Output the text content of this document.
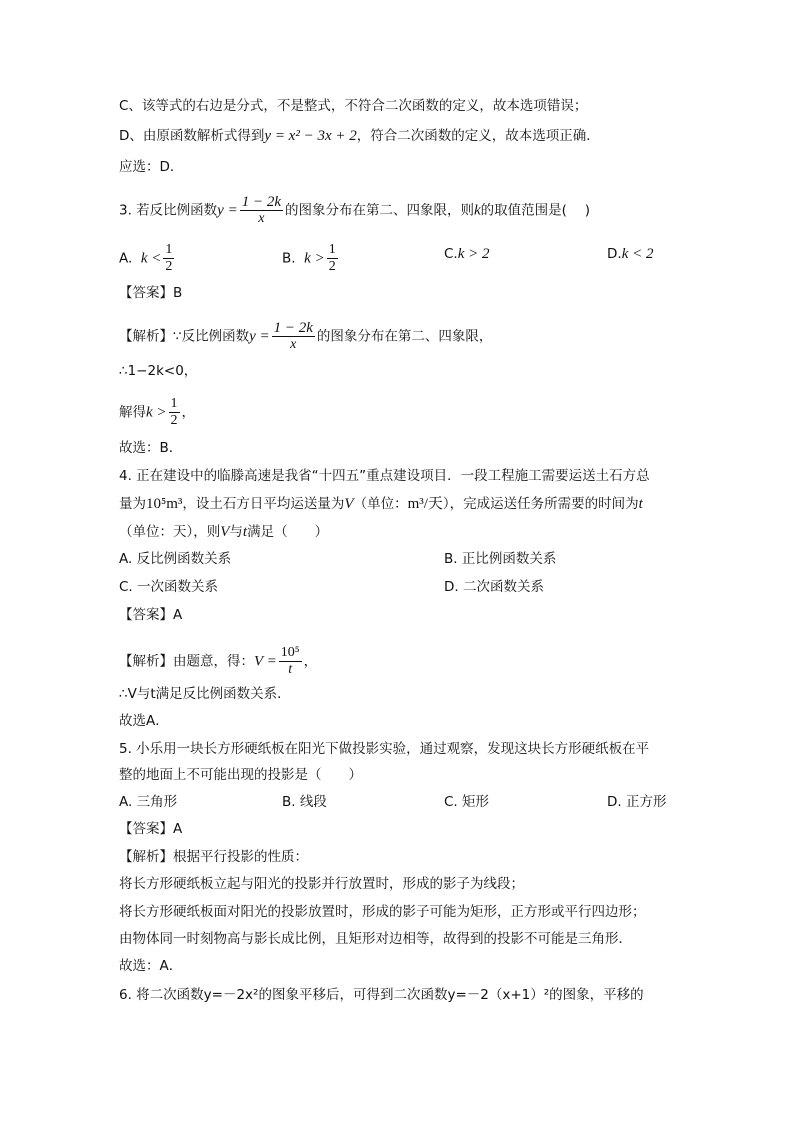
C、该等式的右边是分式，不是整式，不符合二次函数的定义，故本选项错误；
D、由原函数解析式得到y = x² − 3x + 2，符合二次函数的定义，故本选项正确．
应选：D．
3. 若反比例函数$y = \frac{1 - 2k}{x}$ 的图象分布在第二、四象限，则k的取值范围是(　 )
A. $k < \frac{1}{2}$	B. $k > \frac{1}{2}$	C.k > 2	D.k < 2
【答案】B
【解析】∵反比例函数$y = \frac{1 - 2k}{x}$ 的图象分布在第二、四象限，
∴1−2k<0，
解得$k > \frac{1}{2}$ ，
故选：B．
4. 正在建设中的临滕高速是我省“十四五”重点建设项目．一段工程施工需要运送土石方总
量为10⁵m³，设土石方日平均运送量为V（单位：m³/天），完成运送任务所需要的时间为t
（单位：天），则V与t满足（　　）
A. 反比例函数关系	B. 正比例函数关系
C. 一次函数关系	D. 二次函数关系
【答案】A
【解析】由题意，得：$V = \frac{\text{10⁵}}{t}$ ，
∴V与t满足反比例函数关系．
故选A．
5. 小乐用一块长方形硬纸板在阳光下做投影实验，通过观察，发现这块长方形硬纸板在平
整的地面上不可能出现的投影是（　　）
A. 三角形	B. 线段	C. 矩形	D. 正方形
【答案】A
【解析】根据平行投影的性质：
将长方形硬纸板立起与阳光的投影并行放置时，形成的影子为线段；
将长方形硬纸板面对阳光的投影放置时，形成的影子可能为矩形，正方形或平行四边形；
由物体同一时刻物高与影长成比例，且矩形对边相等，故得到的投影不可能是三角形．
故选：A．
6. 将二次函数y=－2x²的图象平移后，可得到二次函数y=－2（x+1）²的图象，平移的
